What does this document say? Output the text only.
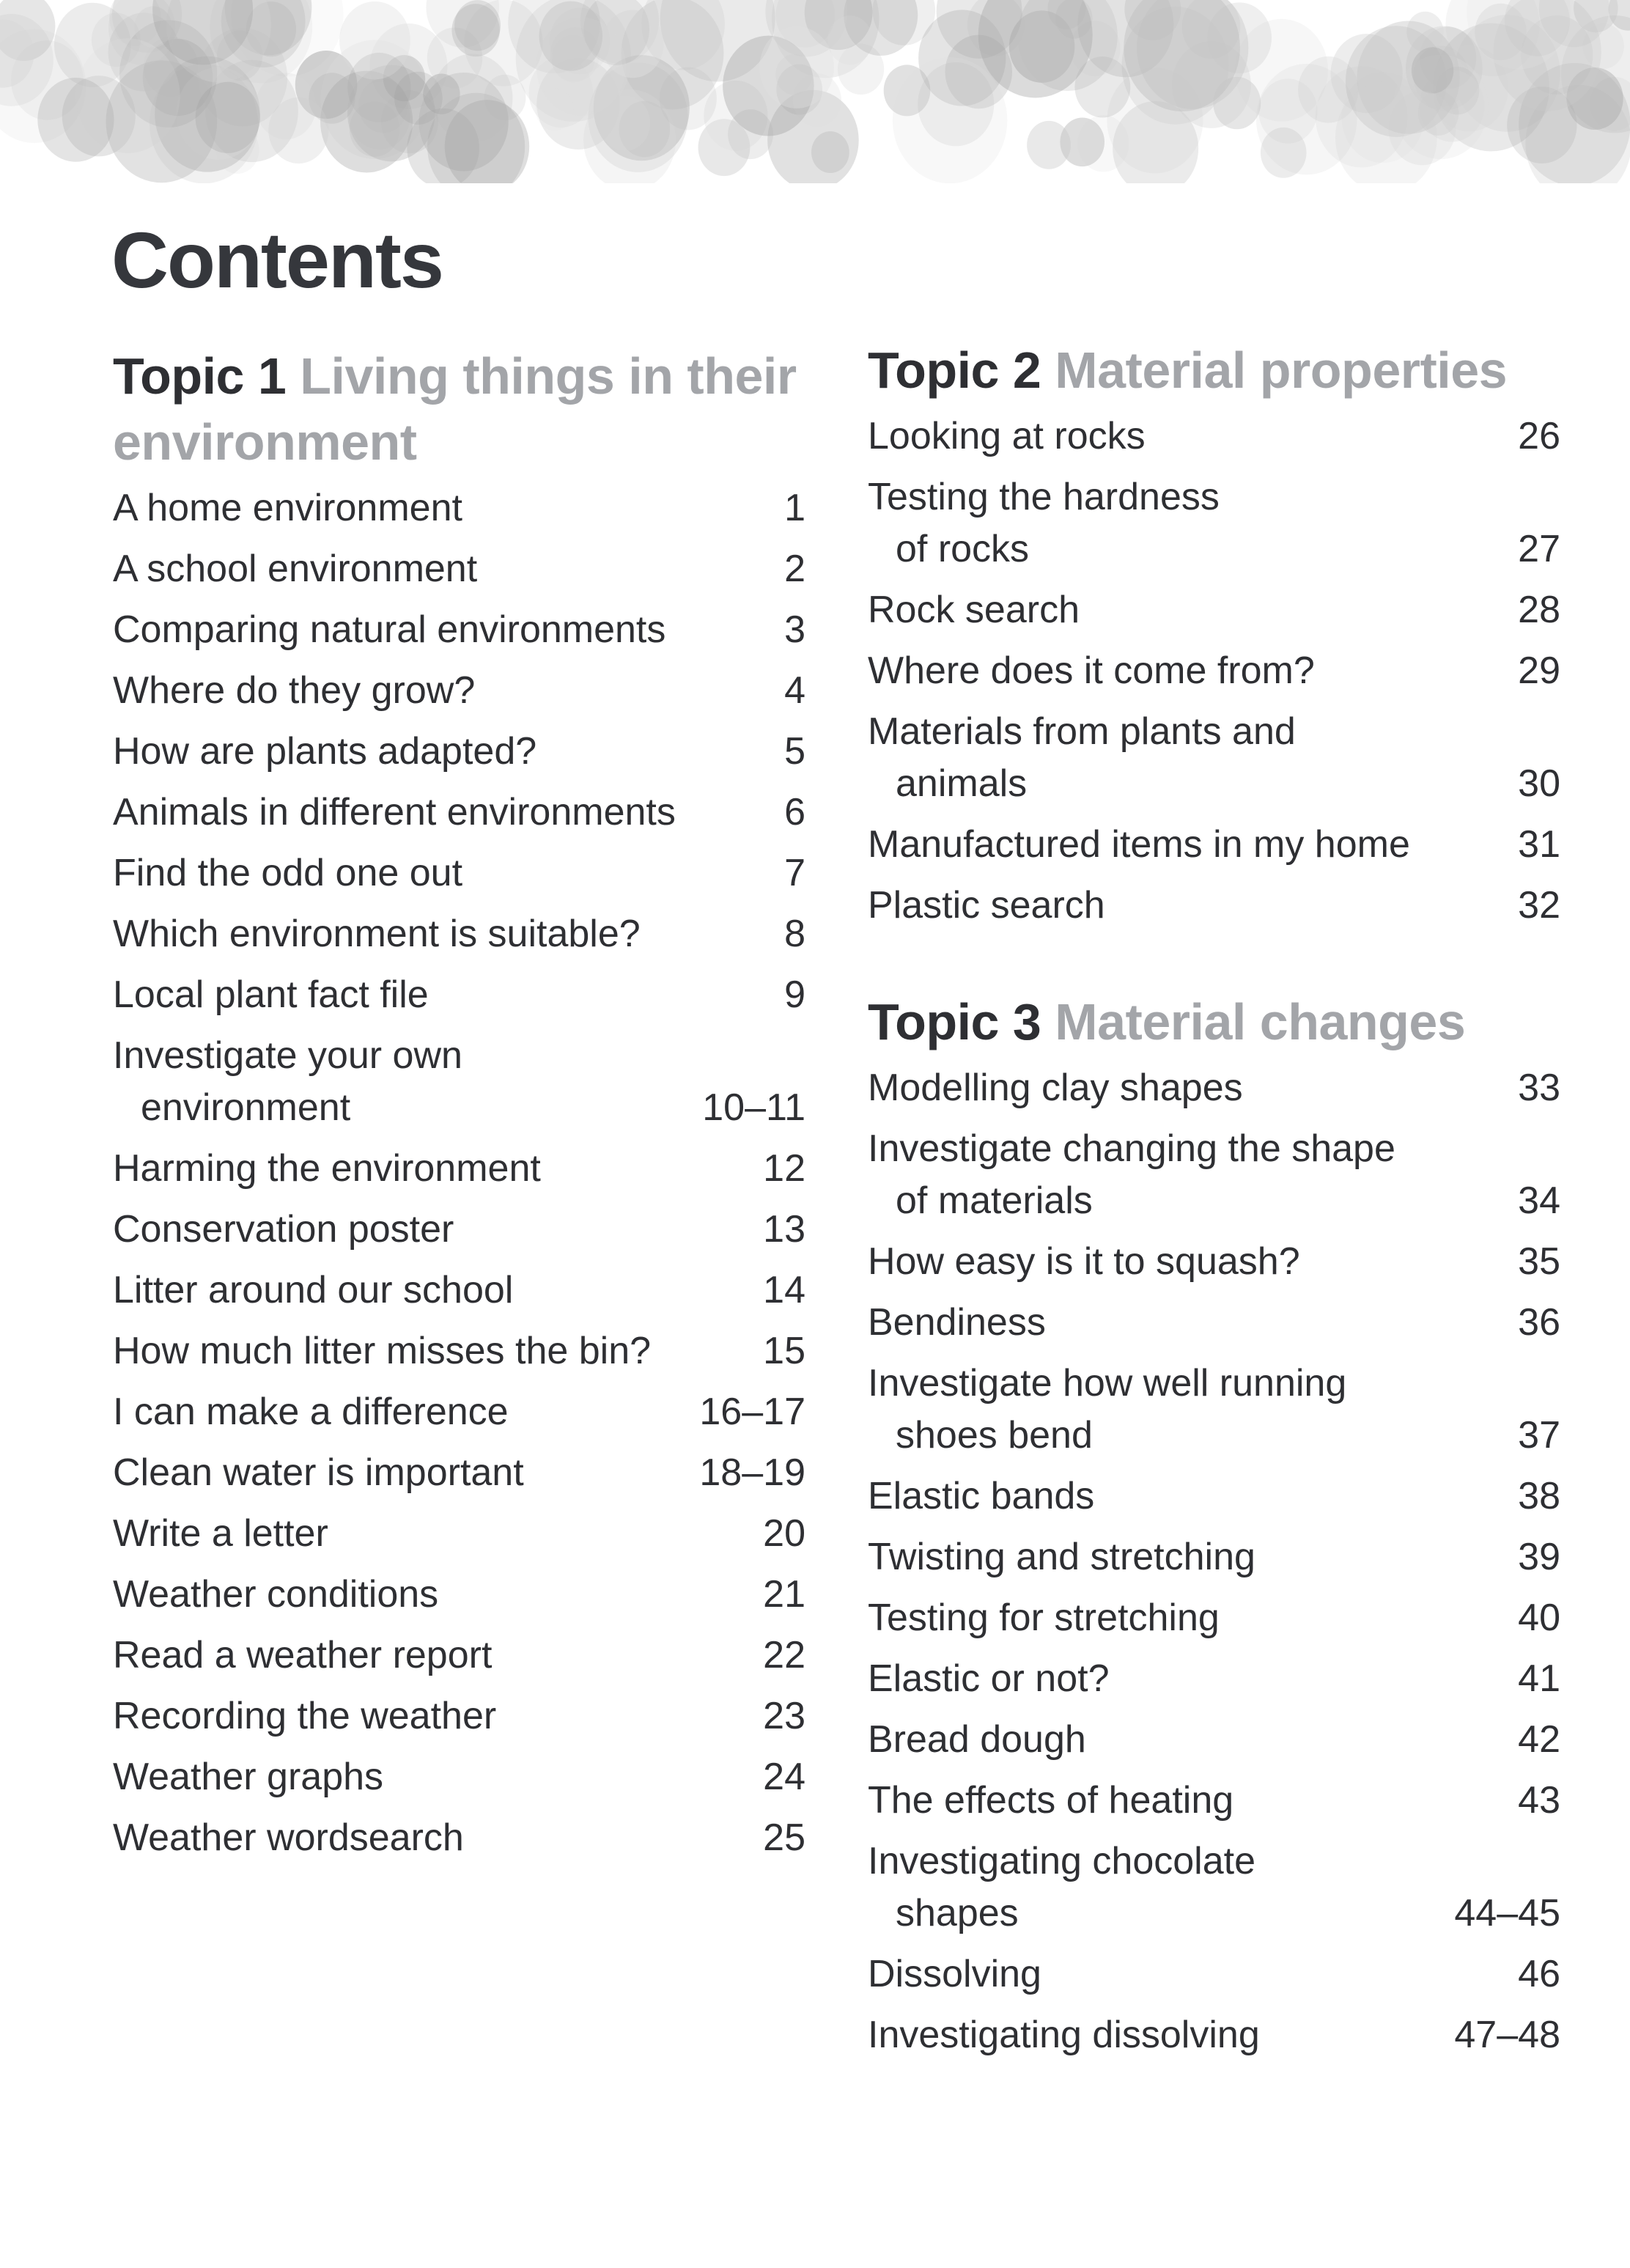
Contents
Topic 1 Living things in their environment
A home environment	1
A school environment	2
Comparing natural environments	3
Where do they grow?	4
How are plants adapted?	5
Animals in different environments	6
Find the odd one out	7
Which environment is suitable?	8
Local plant fact file	9
Investigate your own
environment	10–11
Harming the environment	12
Conservation poster	13
Litter around our school	14
How much litter misses the bin?	15
I can make a difference	16–17
Clean water is important	18–19
Write a letter	20
Weather conditions	21
Read a weather report	22
Recording the weather	23
Weather graphs	24
Weather wordsearch	25
Topic 2 Material properties
Looking at rocks	26
Testing the hardness
of rocks	27
Rock search	28
Where does it come from?	29
Materials from plants and
animals	30
Manufactured items in my home	31
Plastic search	32
Topic 3 Material changes
Modelling clay shapes	33
Investigate changing the shape
of materials	34
How easy is it to squash?	35
Bendiness	36
Investigate how well running
shoes bend	37
Elastic bands	38
Twisting and stretching	39
Testing for stretching	40
Elastic or not?	41
Bread dough	42
The effects of heating	43
Investigating chocolate
shapes	44–45
Dissolving	46
Investigating dissolving	47–48
